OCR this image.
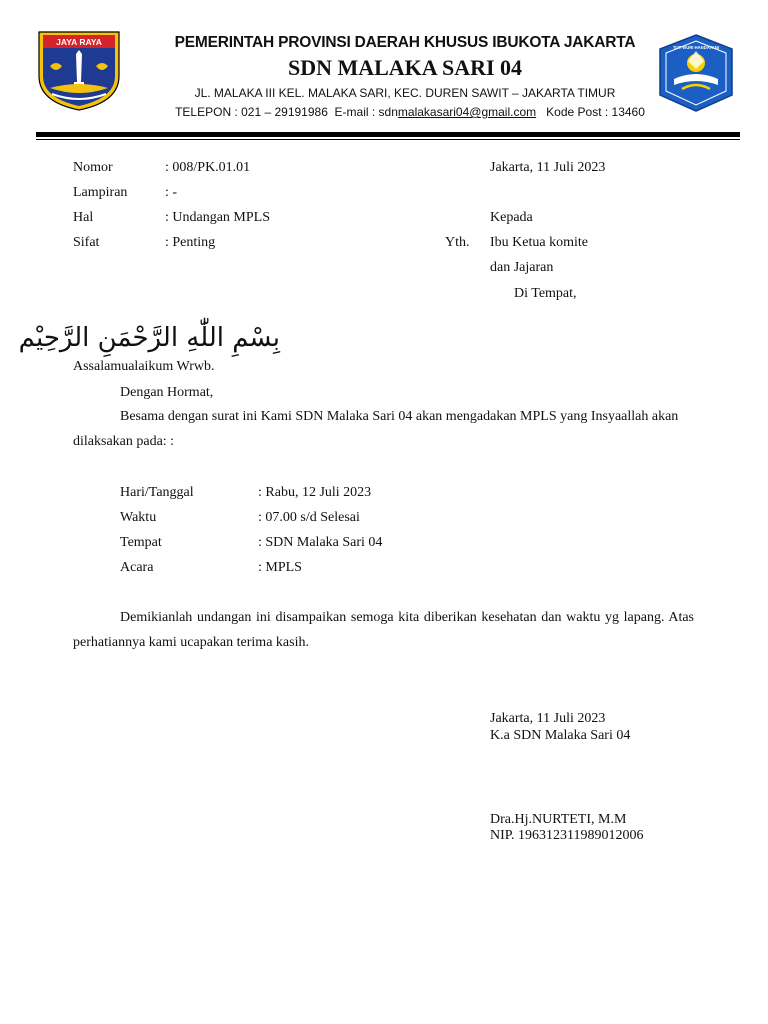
JAYA RAYA
TUT WURI HANDAYANI
PEMERINTAH PROVINSI DAERAH KHUSUS IBUKOTA JAKARTA
SDN MALAKA SARI 04
JL. MALAKA III KEL. MALAKA SARI, KEC. DUREN SAWIT – JAKARTA TIMUR
TELEPON : 021 – 29191986 E-mail : sdnmalakasari04@gmail.com Kode Post : 13460
Nomor	: 008/PK.01.01
Lampiran	: -
Hal	: Undangan MPLS
Sifat	: Penting
Jakarta, 11 Juli 2023
Kepada
Yth. Ibu Ketua komite
dan Jajaran
Di Tempat,
بِسْمِ اللّٰهِ الرَّحْمَنِ الرَّحِيْم
Assalamualaikum Wrwb.
Dengan Hormat,
Besama dengan surat ini Kami SDN Malaka Sari 04 akan mengadakan MPLS yang Insyaallah akan dilaksakan pada: :
Hari/Tanggal	: Rabu, 12 Juli 2023
Waktu	: 07.00 s/d Selesai
Tempat	: SDN Malaka Sari 04
Acara	: MPLS
Demikianlah undangan ini disampaikan semoga kita diberikan kesehatan dan waktu yg lapang. Atas perhatiannya kami ucapakan terima kasih.
Jakarta, 11 Juli 2023
K.a SDN Malaka Sari 04
Dra.Hj.NURTETI, M.M
NIP. 196312311989012006
